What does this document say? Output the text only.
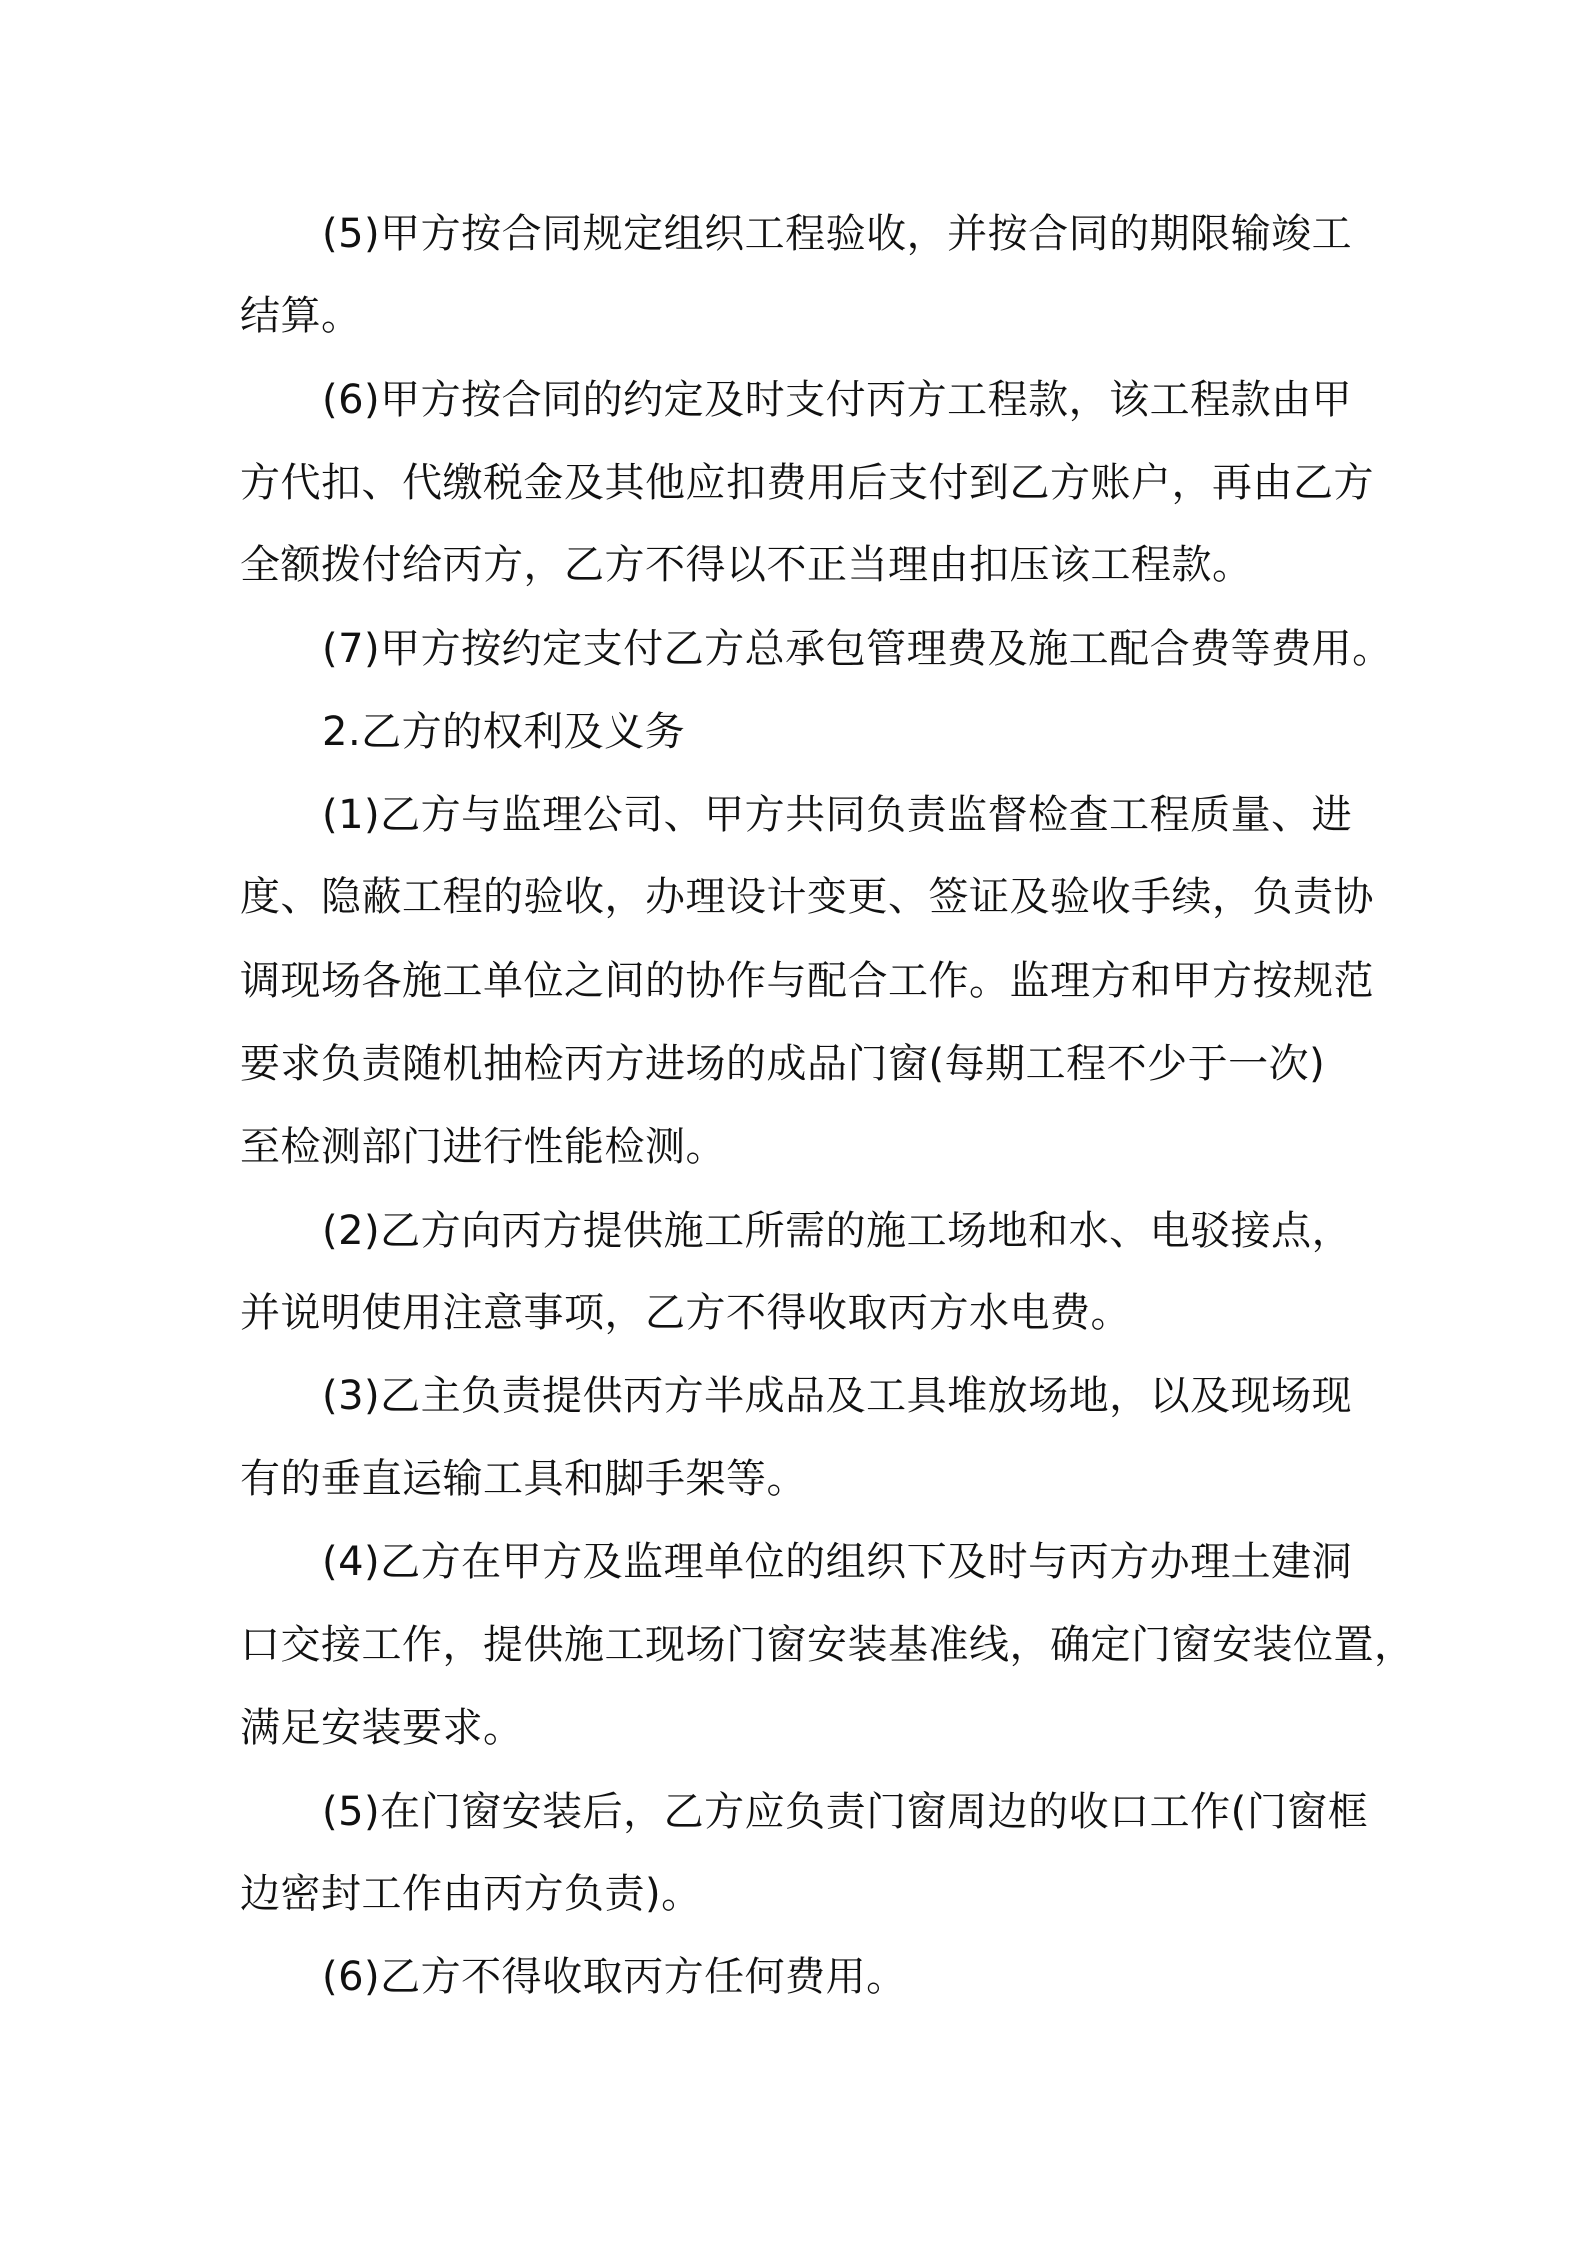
(5)甲方按合同规定组织工程验收，并按合同的期限输竣工
结算。
(6)甲方按合同的约定及时支付丙方工程款，该工程款由甲
方代扣、代缴税金及其他应扣费用后支付到乙方账户，再由乙方
全额拨付给丙方，乙方不得以不正当理由扣压该工程款。
(7)甲方按约定支付乙方总承包管理费及施工配合费等费用。
2.乙方的权利及义务
(1)乙方与监理公司、甲方共同负责监督检查工程质量、进
度、隐蔽工程的验收，办理设计变更、签证及验收手续，负责协
调现场各施工单位之间的协作与配合工作。监理方和甲方按规范
要求负责随机抽检丙方进场的成品门窗(每期工程不少于一次)
至检测部门进行性能检测。
(2)乙方向丙方提供施工所需的施工场地和水、电驳接点，
并说明使用注意事项，乙方不得收取丙方水电费。
(3)乙主负责提供丙方半成品及工具堆放场地，以及现场现
有的垂直运输工具和脚手架等。
(4)乙方在甲方及监理单位的组织下及时与丙方办理土建洞
口交接工作，提供施工现场门窗安装基准线，确定门窗安装位置，
满足安装要求。
(5)在门窗安装后，乙方应负责门窗周边的收口工作(门窗框
边密封工作由丙方负责)。
(6)乙方不得收取丙方任何费用。
